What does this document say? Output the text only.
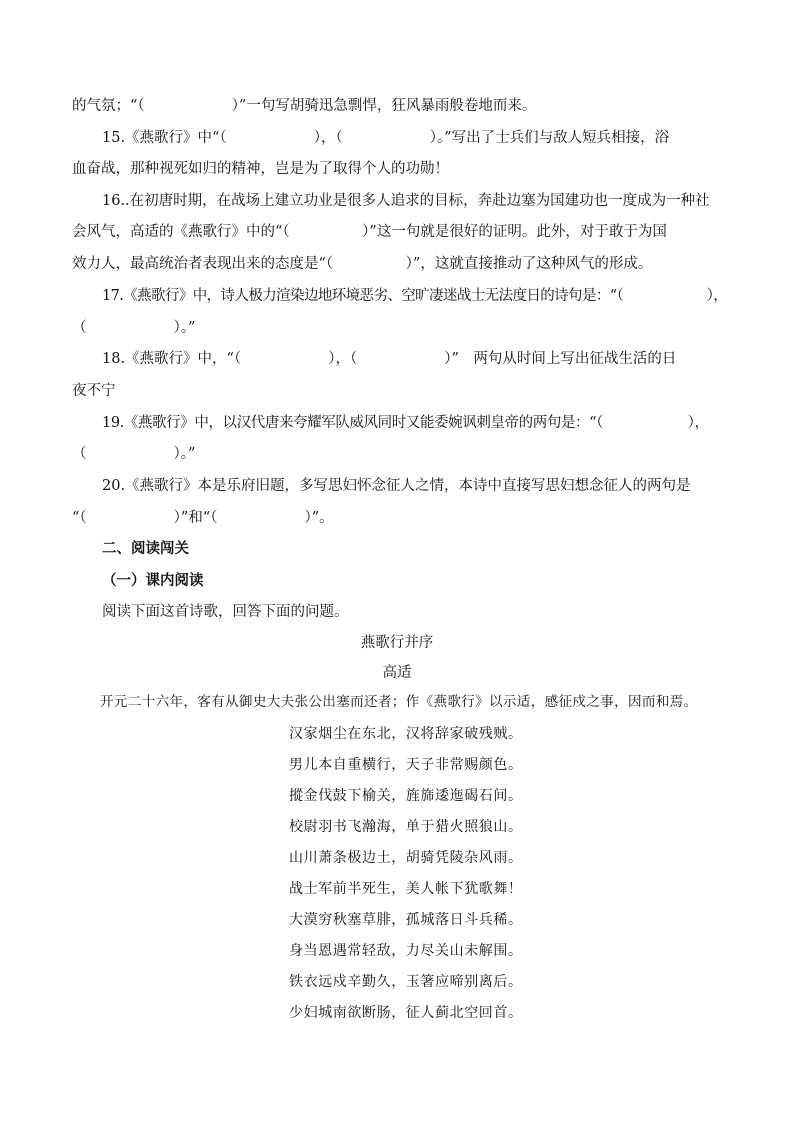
的气氛；“（　　　　　　）”一句写胡骑迅急剽悍，狂风暴雨般卷地而来。
15.《燕歌行》中“（　　　　　　），（　　　　　　）。”写出了士兵们与敌人短兵相接，浴
血奋战，那种视死如归的精神，岂是为了取得个人的功勋！
16..在初唐时期，在战场上建立功业是很多人追求的目标，奔赴边塞为国建功也一度成为一种社
会风气，高适的《燕歌行》中的“（　　　　　）”这一句就是很好的证明。此外，对于敢于为国
效力人，最高统治者表现出来的态度是“（　　　　　）”，这就直接推动了这种风气的形成。
17.《燕歌行》中，诗人极力渲染边地环境恶劣、空旷凄迷战士无法度日的诗句是：“（　　　　　　），
（　　　　　　）。”
18.《燕歌行》中，“（　　　　　　），（　　　　　　）”　两句从时间上写出征战生活的日
夜不宁
19.《燕歌行》中，以汉代唐来夸耀军队威风同时又能委婉讽刺皇帝的两句是：“（　　　　　　），
（　　　　　　）。”
20.《燕歌行》本是乐府旧题，多写思妇怀念征人之情，本诗中直接写思妇想念征人的两句是
“（　　　　　　）”和“（　　　　　　）”。
二、阅读闯关
（一）课内阅读
阅读下面这首诗歌，回答下面的问题。
燕歌行并序
高适
开元二十六年，客有从御史大夫张公出塞而还者；作《燕歌行》以示适，感征戍之事，因而和焉。
汉家烟尘在东北，汉将辞家破残贼。
男儿本自重横行，天子非常赐颜色。
摐金伐鼓下榆关，旌旆逶迤碣石间。
校尉羽书飞瀚海，单于猎火照狼山。
山川萧条极边土，胡骑凭陵杂风雨。
战士军前半死生，美人帐下犹歌舞！
大漠穷秋塞草腓，孤城落日斗兵稀。
身当恩遇常轻敌，力尽关山未解围。
铁衣远戍辛勤久，玉箸应啼别离后。
少妇城南欲断肠，征人蓟北空回首。
